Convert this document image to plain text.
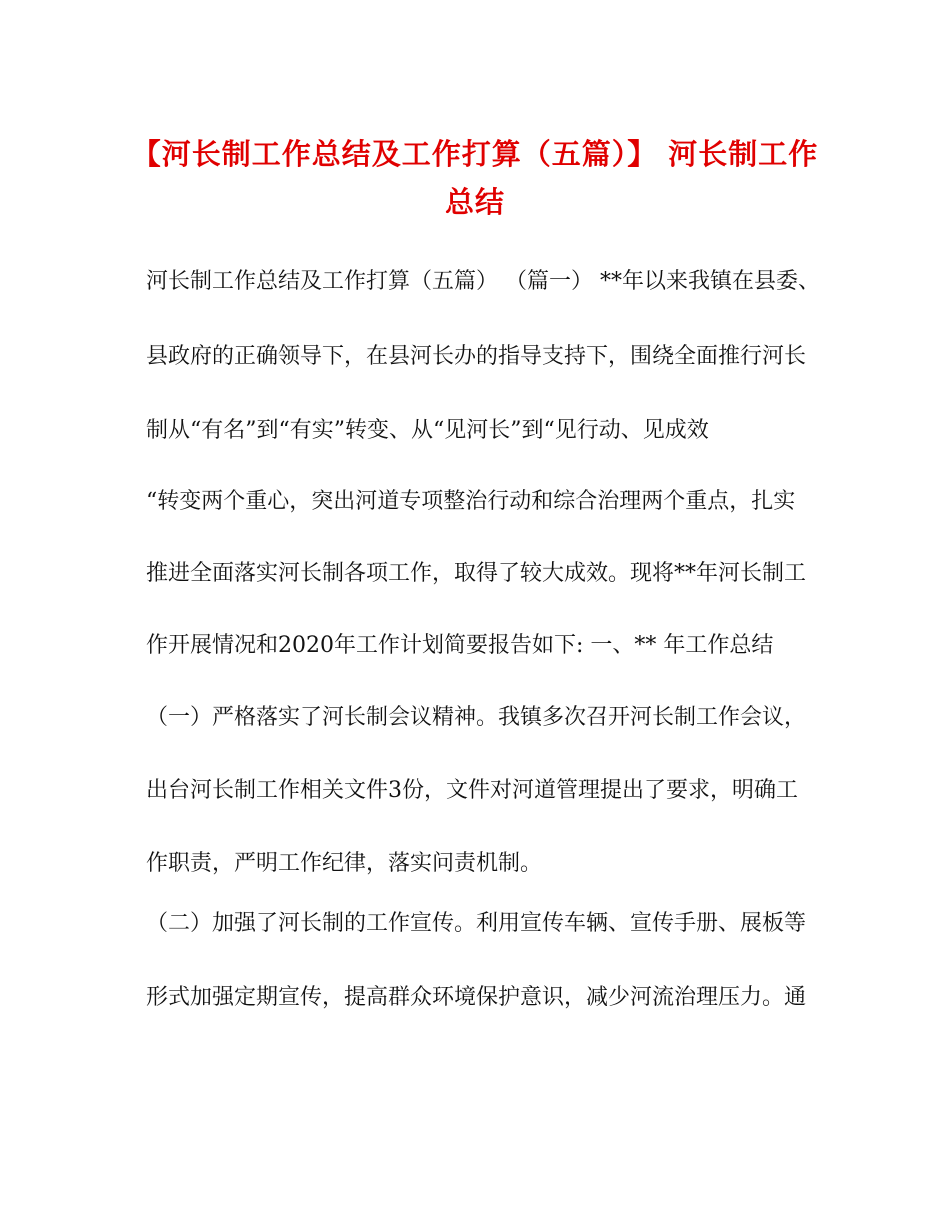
【河长制工作总结及工作打算（五篇）】 河长制工作
总结
河长制工作总结及工作打算（五篇） （篇一） **年以来我镇在县委、
县政府的正确领导下，在县河长办的指导支持下，围绕全面推行河长
制从“有名”到“有实”转变、从“见河长”到“见行动、见成效
“转变两个重心，突出河道专项整治行动和综合治理两个重点，扎实
推进全面落实河长制各项工作，取得了较大成效。现将**年河长制工
作开展情况和2020年工作计划简要报告如下: 一、** 年工作总结
（一）严格落实了河长制会议精神。我镇多次召开河长制工作会议，
出台河长制工作相关文件3份，文件对河道管理提出了要求，明确工
作职责，严明工作纪律，落实问责机制。
（二）加强了河长制的工作宣传。利用宣传车辆、宣传手册、展板等
形式加强定期宣传，提高群众环境保护意识，减少河流治理压力。通
